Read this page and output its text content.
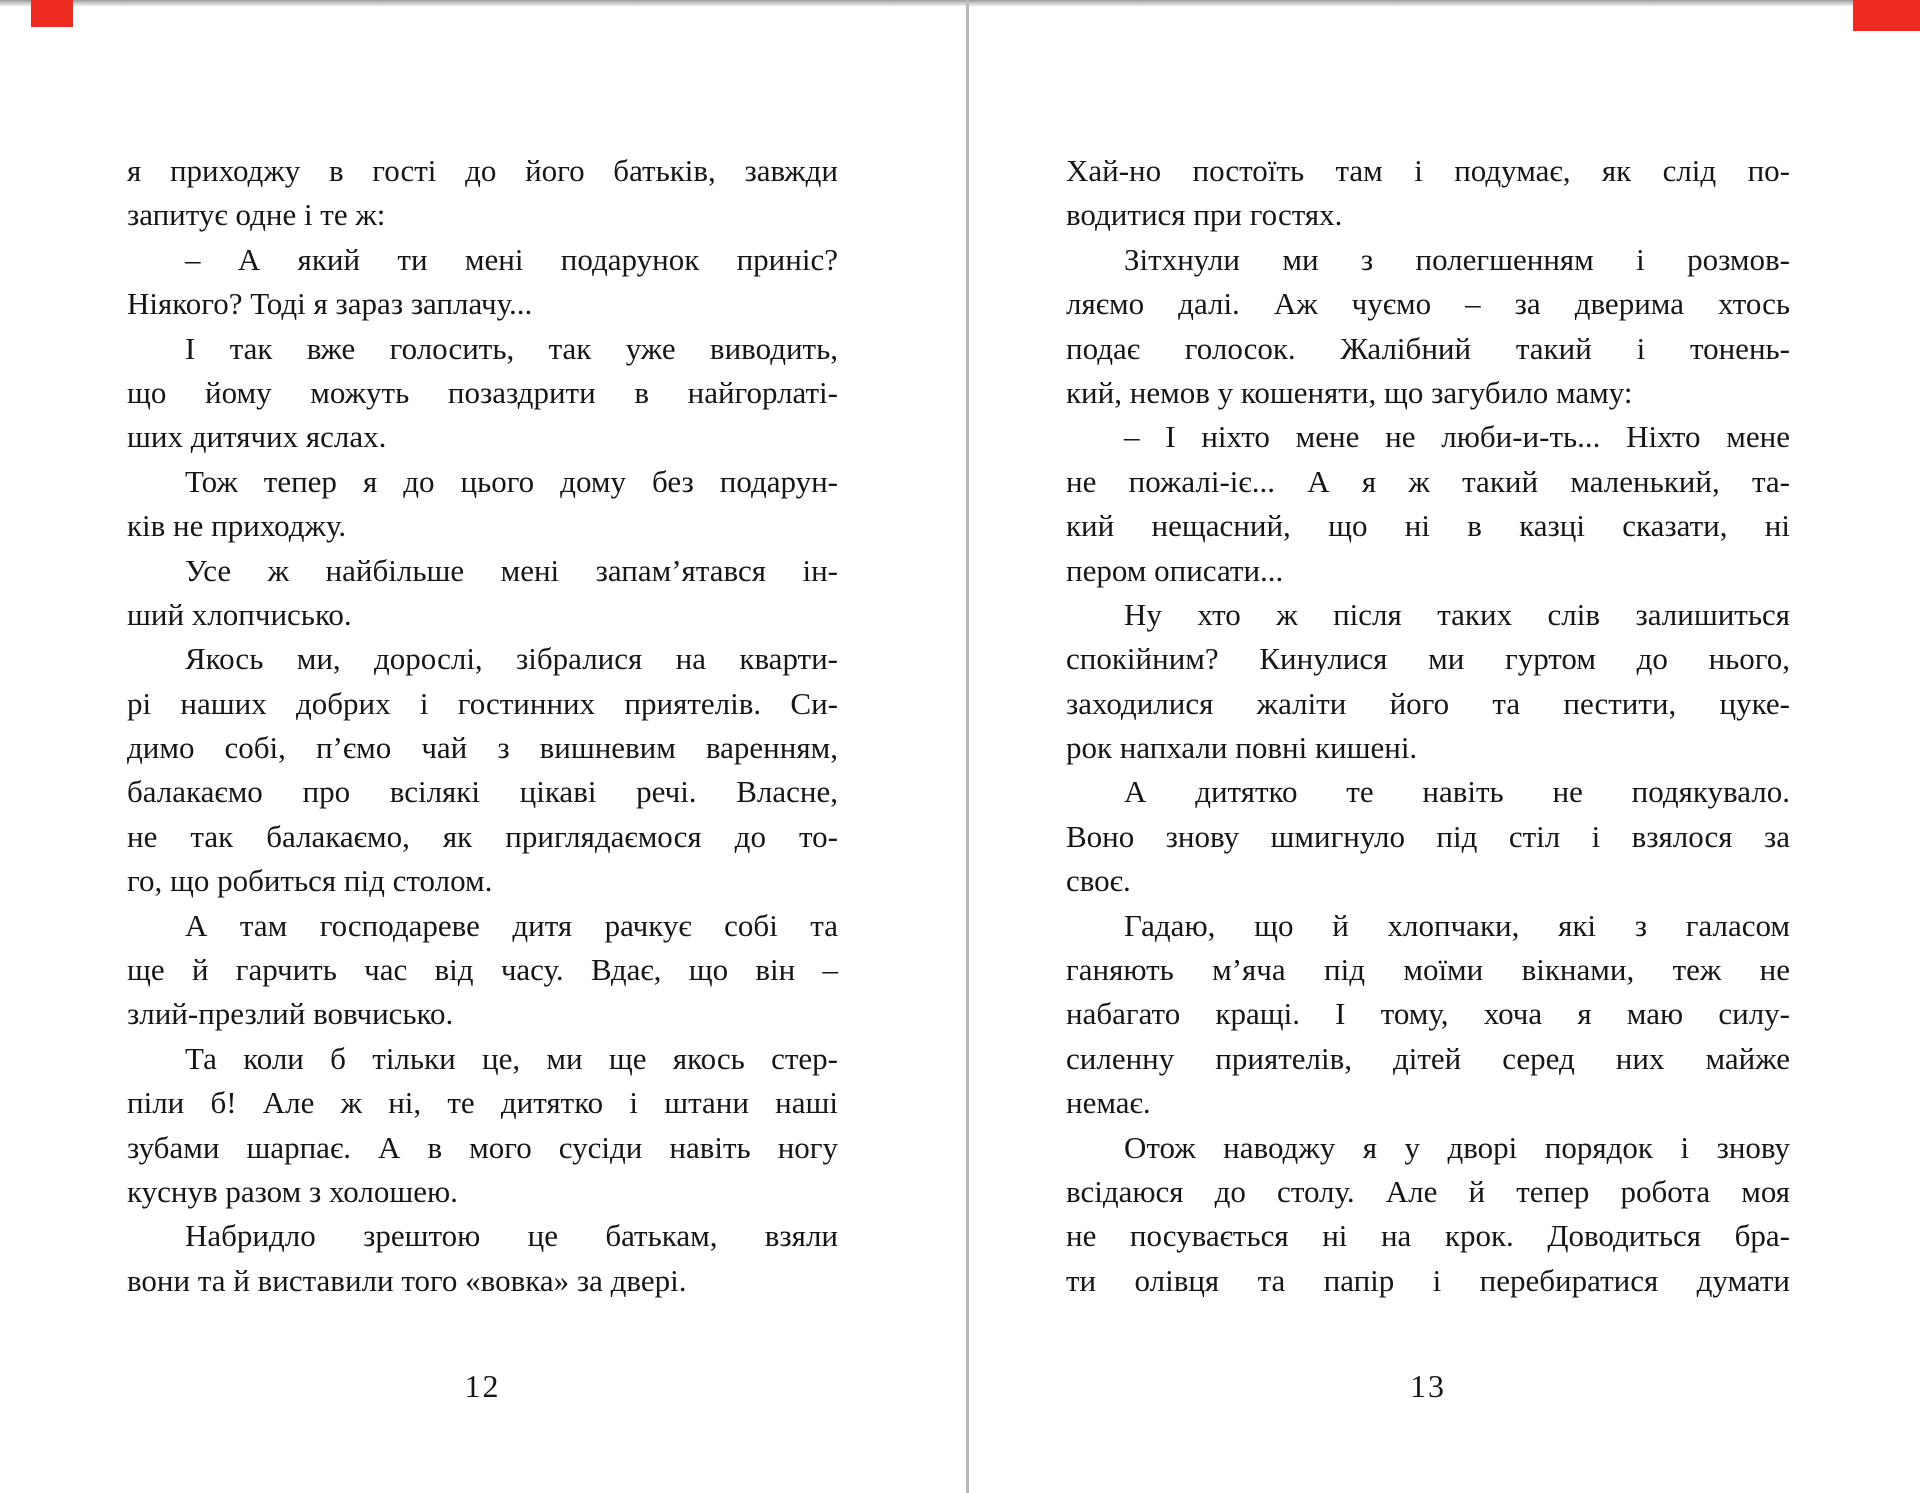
я приходжу в гості до його батьків, завжди
запитує одне і те ж:
– А який ти мені подарунок приніс?
Ніякого? Тоді я зараз заплачу...
І так вже голосить, так уже виводить,
що йому можуть позаздрити в найгорлаті-
ших дитячих яслах.
Тож тепер я до цього дому без подарун-
ків не приходжу.
Усе ж найбільше мені запам’ятався ін-
ший хлопчисько.
Якось ми, дорослі, зібралися на кварти-
рі наших добрих і гостинних приятелів. Си-
димо собі, п’ємо чай з вишневим варенням,
балакаємо про всілякі цікаві речі. Власне,
не так балакаємо, як приглядаємося до то-
го, що робиться під столом.
А там господареве дитя рачкує собі та
ще й гарчить час від часу. Вдає, що він –
злий-презлий вовчисько.
Та коли б тільки це, ми ще якось стер-
піли б! Але ж ні, те дитятко і штани наші
зубами шарпає. А в мого сусіди навіть ногу
куснув разом з холошею.
Набридло зрештою це батькам, взяли
вони та й виставили того «вовка» за двері.
Хай-но постоїть там і подумає, як слід по-
водитися при гостях.
Зітхнули ми з полегшенням і розмов-
ляємо далі. Аж чуємо – за дверима хтось
подає голосок. Жалібний такий і тонень-
кий, немов у кошеняти, що загубило маму:
– І ніхто мене не люби-и-ть... Ніхто мене
не пожалі-іє... А я ж такий маленький, та-
кий нещасний, що ні в казці сказати, ні
пером описати...
Ну хто ж після таких слів залишиться
спокійним? Кинулися ми гуртом до нього,
заходилися жаліти його та пестити, цуке-
рок напхали повні кишені.
А дитятко те навіть не подякувало.
Воно знову шмигнуло під стіл і взялося за
своє.
Гадаю, що й хлопчаки, які з галасом
ганяють м’яча під моїми вікнами, теж не
набагато кращі. І тому, хоча я маю силу-
силенну приятелів, дітей серед них майже
немає.
Отож наводжу я у дворі порядок і знову
всідаюся до столу. Але й тепер робота моя
не посувається ні на крок. Доводиться бра-
ти олівця та папір і перебиратися думати
12	13
